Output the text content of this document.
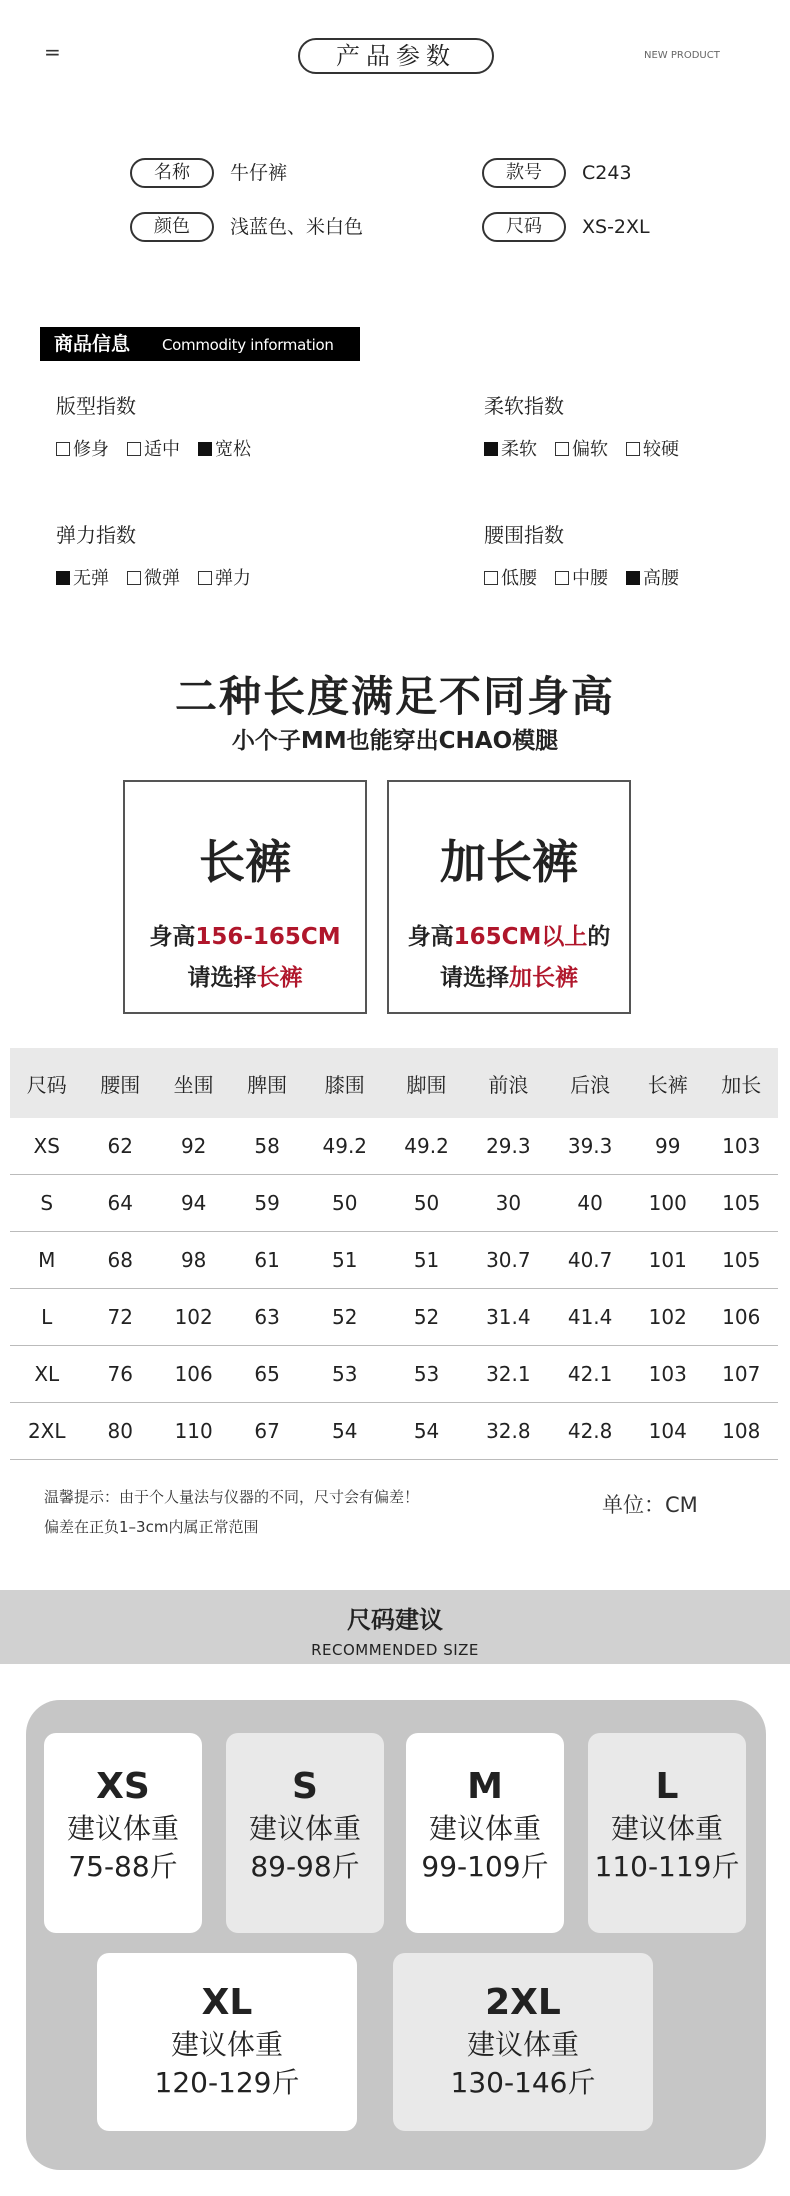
=	产品参数	NEW PRODUCT
名称	牛仔裤	款号	C243
颜色	浅蓝色、米白色	尺码	XS-2XL
商品信息 Commodity information
版型指数
修身 适中 宽松
柔软指数
柔软 偏软 较硬
弹力指数
无弹 微弹 弹力
腰围指数
低腰 中腰 高腰
二种长度满足不同身高
小个子MM也能穿出CHAO模腿
长裤
身高156-165CM
请选择长裤
加长裤
身高165CM以上的
请选择加长裤
尺码	腰围	坐围	脾围	膝围	脚围	前浪	后浪	长裤	加长
XS	62	92	58	49.2	49.2	29.3	39.3	99	103
S	64	94	59	50	50	30	40	100	105
M	68	98	61	51	51	30.7	40.7	101	105
L	72	102	63	52	52	31.4	41.4	102	106
XL	76	106	65	53	53	32.1	42.1	103	107
2XL	80	110	67	54	54	32.8	42.8	104	108
温馨提示：由于个人量法与仪器的不同，尺寸会有偏差！
偏差在正负1–3cm内属正常范围
单位：CM
尺码建议
RECOMMENDED SIZE
XS
建议体重
75-88斤
S
建议体重
89-98斤
M
建议体重
99-109斤
L
建议体重
110-119斤
XL
建议体重
120-129斤
2XL
建议体重
130-146斤
